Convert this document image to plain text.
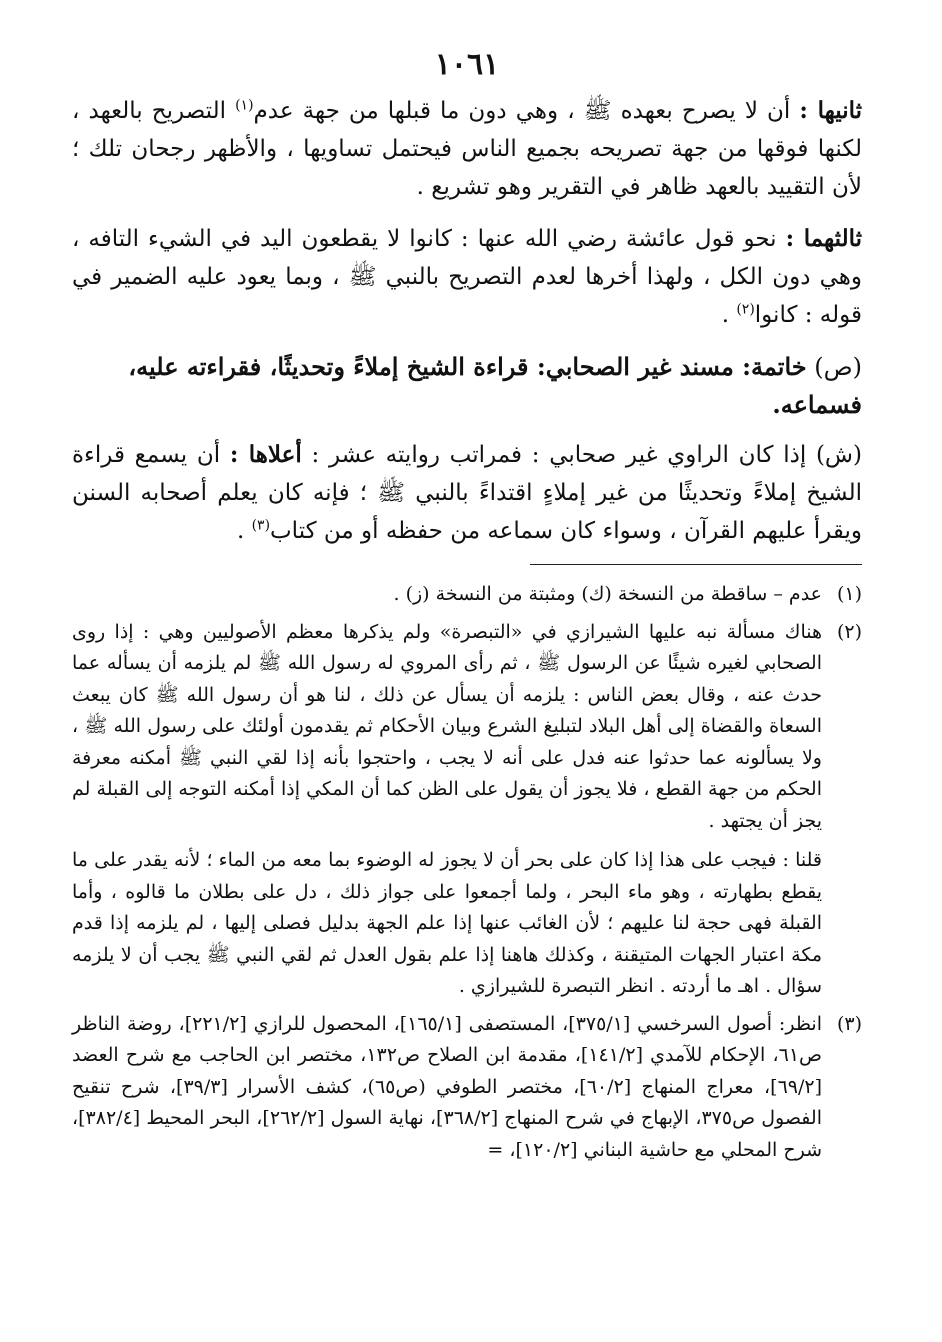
١٠٦١

ثانيها : أن لا يصرح بعهده ﷺ ، وهي دون ما قبلها من جهة عدم$^{(١)}$ التصريح بالعهد ، لكنها فوقها من جهة تصريحه بجميع الناس فيحتمل تساويها ، والأظهر رجحان تلك ؛ لأن التقييد بالعهد ظاهر في التقرير وهو تشريع .

ثالثهما : نحو قول عائشة رضي الله عنها : كانوا لا يقطعون اليد في الشيء التافه ، وهي دون الكل ، ولهذا أخرها لعدم التصريح بالنبي ﷺ ، وبما يعود عليه الضمير في قوله : كانوا$^{(٢)}$ .

(ص) خاتمة: مسند غير الصحابي: قراءة الشيخ إملاءً وتحديثًا، فقراءته عليه، فسماعه.

(ش) إذا كان الراوي غير صحابي : فمراتب روايته عشر : أعلاها : أن يسمع قراءة الشيخ إملاءً وتحديثًا من غير إملاءٍ اقتداءً بالنبي ﷺ ؛ فإنه كان يعلم أصحابه السنن ويقرأ عليهم القرآن ، وسواء كان سماعه من حفظه أو من كتاب$^{(٣)}$ .

(١)

عدم – ساقطة من النسخة (ك) ومثبتة من النسخة (ز) .

(٢)

هناك مسألة نبه عليها الشيرازي في «التبصرة» ولم يذكرها معظم الأصوليين وهي : إذا روى الصحابي لغيره شيئًا عن الرسول ﷺ ، ثم رأى المروي له رسول الله ﷺ لم يلزمه أن يسأله عما حدث عنه ، وقال بعض الناس : يلزمه أن يسأل عن ذلك ، لنا هو أن رسول الله ﷺ كان يبعث السعاة والقضاة إلى أهل البلاد لتبليغ الشرع وبيان الأحكام ثم يقدمون أولئك على رسول الله ﷺ ، ولا يسألونه عما حدثوا عنه فدل على أنه لا يجب ، واحتجوا بأنه إذا لقي النبي ﷺ أمكنه معرفة الحكم من جهة القطع ، فلا يجوز أن يقول على الظن كما أن المكي إذا أمكنه التوجه إلى القبلة لم يجز أن يجتهد .

قلنا : فيجب على هذا إذا كان على بحر أن لا يجوز له الوضوء بما معه من الماء ؛ لأنه يقدر على ما يقطع بطهارته ، وهو ماء البحر ، ولما أجمعوا على جواز ذلك ، دل على بطلان ما قالوه ، وأما القبلة فهى حجة لنا عليهم ؛ لأن الغائب عنها إذا علم الجهة بدليل فصلى إليها ، لم يلزمه إذا قدم مكة اعتبار الجهات المتيقنة ، وكذلك هاهنا إذا علم بقول العدل ثم لقي النبي ﷺ يجب أن لا يلزمه سؤال . اهـ ما أردته . انظر التبصرة للشيرازي .

(٣)

انظر: أصول السرخسي [٣٧٥/١]، المستصفى [١٦٥/١]، المحصول للرازي [٢٢١/٢]، روضة الناظر ص٦١، الإحكام للآمدي [١٤١/٢]، مقدمة ابن الصلاح ص١٣٢، مختصر ابن الحاجب مع شرح العضد [٦٩/٢]، معراج المنهاج [٦٠/٢]، مختصر الطوفي (ص٦٥)، كشف الأسرار [٣٩/٣]، شرح تنقيح الفصول ص٣٧٥، الإبهاج في شرح المنهاج [٣٦٨/٢]، نهاية السول [٢٦٢/٢]، البحر المحيط [٣٨٢/٤]، شرح المحلي مع حاشية البناني [١٢٠/٢]، =
